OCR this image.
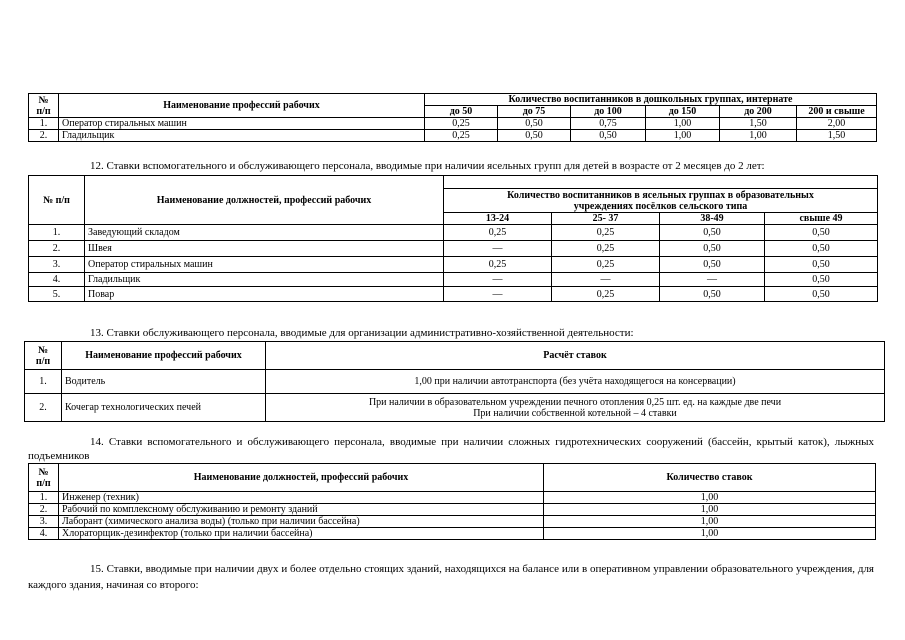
№
п/п	Наименование профессий рабочих	Количество воспитанников в дошкольных группах, интернате					
		до 50	до 75	до 100	до 150	до 200	200 и свыше
1.	Оператор стиральных машин	0,25	0,50	0,75	1,00	1,50	2,00
2.	Гладильщик	0,25	0,50	0,50	1,00	1,00	1,50
12. Ставки вспомогательного и обслуживающего персонала, вводимые при наличии ясельных групп для детей в возрасте от 2 месяцев до 2 лет:
№ п/п	Наименование должностей, профессий рабочих				
		Количество воспитанников в ясельных группах в образовательных учреждениях посёлков сельского типа			
		13-24	25- 37	38-49	свыше 49
1.	Заведующий складом	0,25	0,25	0,50	0,50
2.	Швея	—	0,25	0,50	0,50
3.	Оператор стиральных машин	0,25	0,25	0,50	0,50
4.	Гладильщик	—	—	—	0,50
5.	Повар	—	0,25	0,50	0,50
13. Ставки обслуживающего персонала, вводимые для организации административно-хозяйственной деятельности:
№
п/п	Наименование профессий рабочих	Расчёт ставок
1.	Водитель	1,00 при наличии автотранспорта (без учёта находящегося на консервации)
2.	Кочегар технологических печей	При наличии в образовательном учреждении печного отопления 0,25 шт. ед. на каждые две печи
При наличии собственной котельной – 4 ставки
14. Ставки вспомогательного и обслуживающего персонала, вводимые при наличии сложных гидротехнических сооружений (бассейн, крытый каток), лыжных подъемников
№
п/п	Наименование должностей, профессий рабочих	Количество ставок
1.	Инженер (техник)	1,00
2.	Рабочий по комплексному обслуживанию и ремонту зданий	1,00
3.	Лаборант (химического анализа воды) (только при наличии бассейна)	1,00
4.	Хлораторщик-дезинфектор (только при наличии бассейна)	1,00
15. Ставки, вводимые при наличии двух и более отдельно стоящих зданий, находящихся на балансе или в оперативном управлении образовательного учреждения, для каждого здания, начиная со второго:
